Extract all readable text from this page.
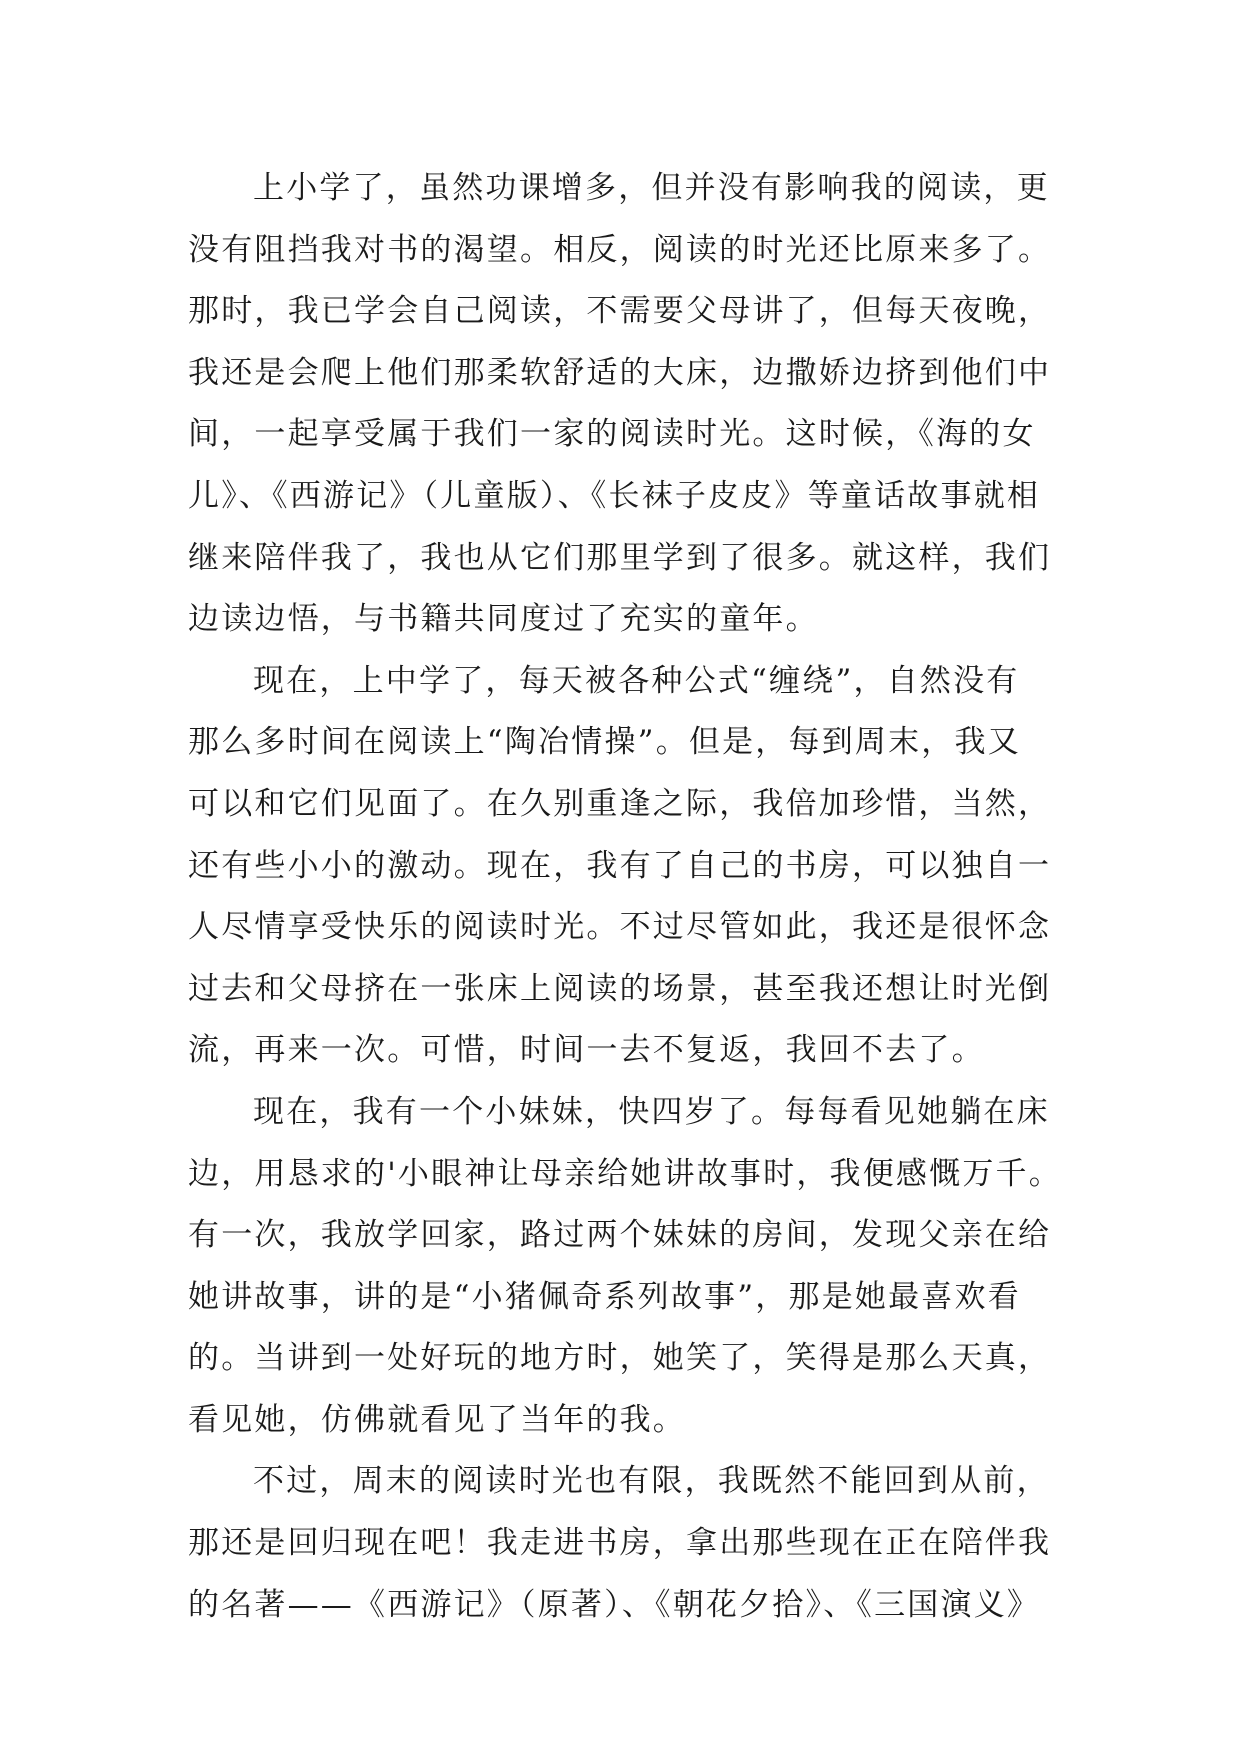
上小学了，虽然功课增多，但并没有影响我的阅读，更
没有阻挡我对书的渴望。相反，阅读的时光还比原来多了。
那时，我已学会自己阅读，不需要父母讲了，但每天夜晚，
我还是会爬上他们那柔软舒适的大床，边撒娇边挤到他们中
间，一起享受属于我们一家的阅读时光。这时候，《海的女
儿》、《西游记》（儿童版）、《长袜子皮皮》等童话故事就相
继来陪伴我了，我也从它们那里学到了很多。就这样，我们
边读边悟，与书籍共同度过了充实的童年。
现在，上中学了，每天被各种公式“缠绕”，自然没有
那么多时间在阅读上“陶冶情操”。但是，每到周末，我又
可以和它们见面了。在久别重逢之际，我倍加珍惜，当然，
还有些小小的激动。现在，我有了自己的书房，可以独自一
人尽情享受快乐的阅读时光。不过尽管如此，我还是很怀念
过去和父母挤在一张床上阅读的场景，甚至我还想让时光倒
流，再来一次。可惜，时间一去不复返，我回不去了。
现在，我有一个小妹妹，快四岁了。每每看见她躺在床
边，用恳求的'小眼神让母亲给她讲故事时，我便感慨万千。
有一次，我放学回家，路过两个妹妹的房间，发现父亲在给
她讲故事，讲的是“小猪佩奇系列故事”，那是她最喜欢看
的。当讲到一处好玩的地方时，她笑了，笑得是那么天真，
看见她，仿佛就看见了当年的我。
不过，周末的阅读时光也有限，我既然不能回到从前，
那还是回归现在吧！我走进书房，拿出那些现在正在陪伴我
的名著——《西游记》（原著）、《朝花夕拾》、《三国演义》
